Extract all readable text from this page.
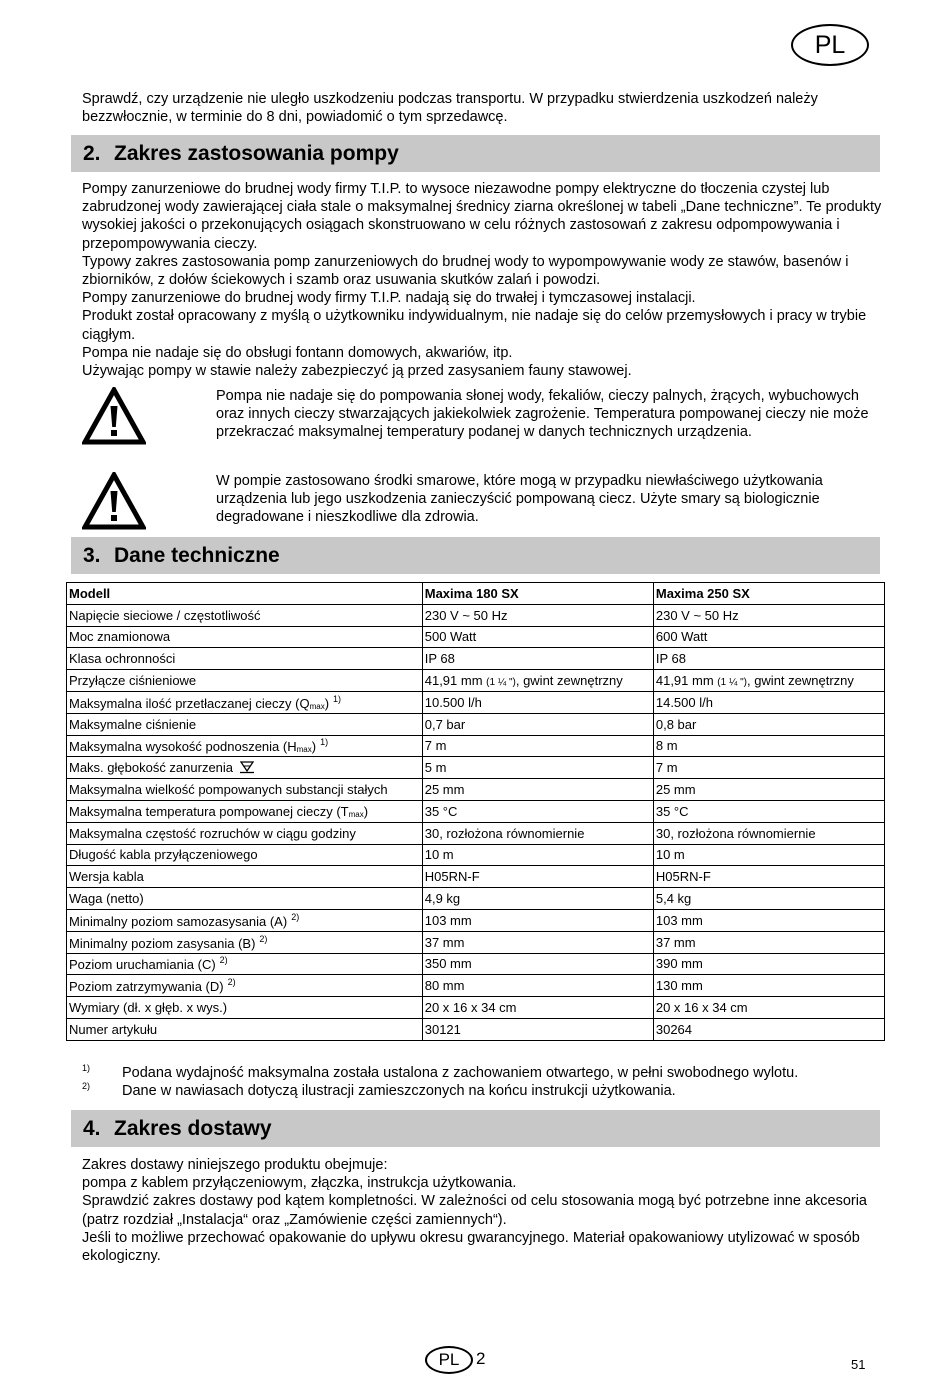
PL

Sprawdź, czy urządzenie nie uległo uszkodzeniu podczas transportu. W przypadku stwierdzenia uszkodzeń należy bezzwłocznie, w terminie do 8 dni, powiadomić o tym sprzedawcę.

2. Zakres zastosowania pompy

Pompy zanurzeniowe do brudnej wody firmy T.I.P. to wysoce niezawodne pompy elektryczne do tłoczenia czystej lub zabrudzonej wody zawierającej ciała stale o maksymalnej średnicy ziarna określonej w tabeli „Dane techniczne”. Te produkty wysokiej jakości o przekonujących osiągach skonstruowano w celu różnych zastosowań z zakresu odpompowywania i przepompowywania cieczy.

Typowy zakres zastosowania pomp zanurzeniowych do brudnej wody to wypompowywanie wody ze stawów, basenów i zbiorników, z dołów ściekowych i szamb oraz usuwania skutków zalań i powodzi.

Pompy zanurzeniowe do brudnej wody firmy T.I.P. nadają się do trwałej i tymczasowej instalacji.

Produkt został opracowany z myślą o użytkowniku indywidualnym, nie nadaje się do celów przemysłowych i pracy w trybie ciągłym.

Pompa nie nadaje się do obsługi fontann domowych, akwariów, itp.

Używając pompy w stawie należy zabezpieczyć ją przed zasysaniem fauny stawowej.

Pompa nie nadaje się do pompowania słonej wody, fekaliów, cieczy palnych, żrących, wybuchowych oraz innych cieczy stwarzających jakiekolwiek zagrożenie. Temperatura pompowanej cieczy nie może przekraczać maksymalnej temperatury podanej w danych technicznych urządzenia.

W pompie zastosowano środki smarowe, które mogą w przypadku niewłaściwego użytkowania urządzenia lub jego uszkodzenia zanieczyścić pompowaną ciecz. Użyte smary są biologicznie degradowane i nieszkodliwe dla zdrowia.

3. Dane techniczne
Modell	Maxima 180 SX	Maxima 250 SX
Napięcie sieciowe / częstotliwość	230 V ~ 50 Hz	230 V ~ 50 Hz
Moc znamionowa	500 Watt	600 Watt
Klasa ochronności	IP 68	IP 68
Przyłącze ciśnieniowe	41,91 mm (1 ¼ "), gwint zewnętrzny	41,91 mm (1 ¼ "), gwint zewnętrzny
Maksymalna ilość przetłaczanej cieczy (Qmax) $^{1)}$	10.500 l/h	14.500 l/h
Maksymalne ciśnienie	0,7 bar	0,8 bar
Maksymalna wysokość podnoszenia (Hmax) $^{1)}$	7 m	8 m
Maks. głębokość zanurzenia	5 m	7 m
Maksymalna wielkość pompowanych substancji stałych	25 mm	25 mm
Maksymalna temperatura pompowanej cieczy (Tmax)	35 °C	35 °C
Maksymalna częstość rozruchów w ciągu godziny	30, rozłożona równomiernie	30, rozłożona równomiernie
Długość kabla przyłączeniowego	10 m	10 m
Wersja kabla	H05RN-F	H05RN-F
Waga (netto)	4,9 kg	5,4 kg
Minimalny poziom samozasysania (A) $^{2)}$	103 mm	103 mm
Minimalny poziom zasysania (B) $^{2)}$	37 mm	37 mm
Poziom uruchamiania (C) $^{2)}$	350 mm	390 mm
Poziom zatrzymywania (D) $^{2)}$	80 mm	130 mm
Wymiary (dł. x głęb. x wys.)	20 x 16 x 34 cm	20 x 16 x 34 cm
Numer artykułu	30121	30264
1) Podana wydajność maksymalna została ustalona z zachowaniem otwartego, w pełni swobodnego wylotu.
2) Dane w nawiasach dotyczą ilustracji zamieszczonych na końcu instrukcji użytkowania.
4. Zakres dostawy

Zakres dostawy niniejszego produktu obejmuje:

pompa z kablem przyłączeniowym, złączka, instrukcja użytkowania.

Sprawdzić zakres dostawy pod kątem kompletności. W zależności od celu stosowania mogą być potrzebne inne akcesoria (patrz rozdział „Instalacja“ oraz „Zamówienie części zamiennych“).

Jeśli to możliwe przechować opakowanie do upływu okresu gwarancyjnego. Materiał opakowaniowy utylizować w sposób ekologiczny.

PL 2	51
